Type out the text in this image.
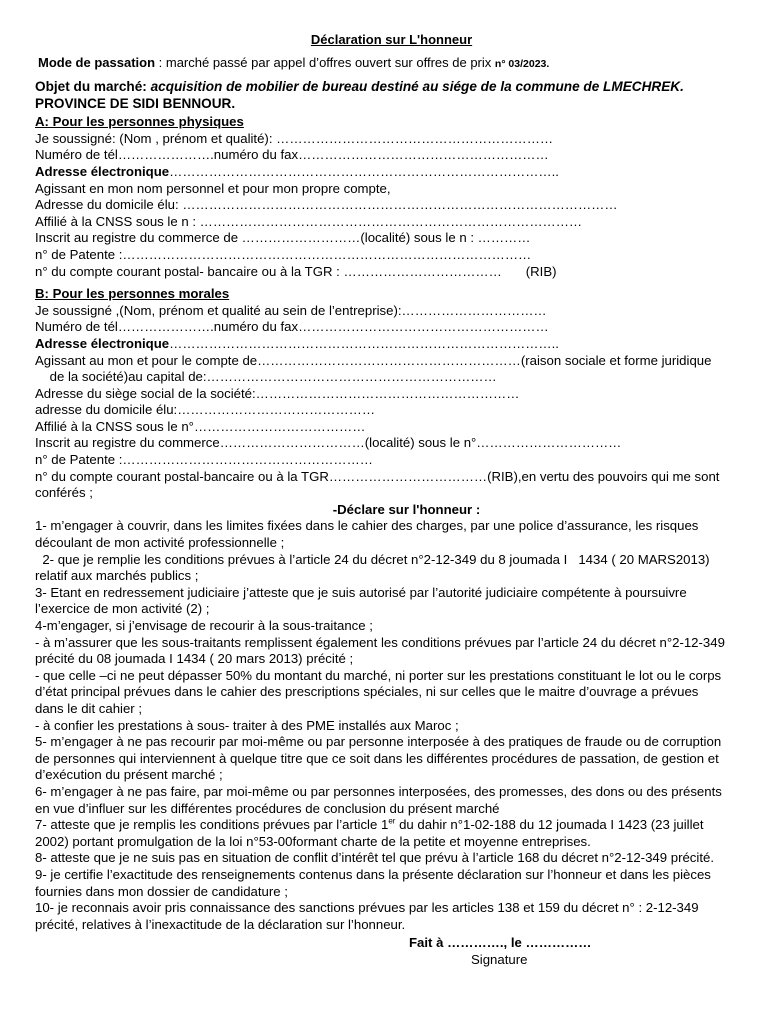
Déclaration sur L'honneur
Mode de passation : marché passé par appel d’offres ouvert sur offres de prix n° 03/2023.
Objet du marché: acquisition de mobilier de bureau destiné au siége de la commune de LMECHREK.
PROVINCE DE SIDI BENNOUR.
A: Pour les personnes physiques
Je soussigné: (Nom , prénom et qualité): ………………………………………………………
Numéro de tél………………….numéro du fax…………………………………………………
Adresse électronique……………………………………………………………………………..
Agissant en mon nom personnel et pour mon propre compte,
Adresse du domicile élu: ………………………………………………………………………………………
Affilié à la CNSS sous le n : ……………………………………………………………………………
Inscrit au registre du commerce de ………………………(localité) sous le n : …………
n° de Patente :…………………………………………………………………………………
n° du compte courant postal- bancaire ou à la TGR : ……………………………… (RIB)
B: Pour les personnes morales
Je soussigné ,(Nom, prénom et qualité au sein de l’entreprise):……………………………
Numéro de tél………………….numéro du fax…………………………………………………
Adresse électronique……………………………………………………………………………..
Agissant au mon et pour le compte de……………………………………………………(raison sociale et forme juridique
de la société)au capital de:…………………………………………………………
Adresse du siège social de la société:……………………………………………………
adresse du domicile élu:………………………………………
Affilié à la CNSS sous le n°…………………………………
Inscrit au registre du commerce……………………………(localité) sous le n°……………………………
n° de Patente :…………………………………………………
n° du compte courant postal-bancaire ou à la TGR………………………………(RIB),en vertu des pouvoirs qui me sont
conférés ;
-Déclare sur l'honneur :
1- m’engager à couvrir, dans les limites fixées dans le cahier des charges, par une police d’assurance, les risques
découlant de mon activité professionnelle ;
2- que je remplie les conditions prévues à l’article 24 du décret n°2-12-349 du 8 joumada I   1434 ( 20 MARS2013)
relatif aux marchés publics ;
3- Etant en redressement judiciaire j’atteste que je suis autorisé par l’autorité judiciaire compétente à poursuivre
l’exercice de mon activité (2) ;
4-m’engager, si j’envisage de recourir à la sous-traitance ;
- à m’assurer que les sous-traitants remplissent également les conditions prévues par l’article 24 du décret n°2-12-349
précité du 08 joumada I 1434 ( 20 mars 2013) précité ;
- que celle –ci ne peut dépasser 50% du montant du marché, ni porter sur les prestations constituant le lot ou le corps
d’état principal prévues dans le cahier des prescriptions spéciales, ni sur celles que le maitre d’ouvrage a prévues
dans le dit cahier ;
- à confier les prestations à sous- traiter à des PME installés aux Maroc ;
5- m’engager à ne pas recourir par moi-même ou par personne interposée à des pratiques de fraude ou de corruption
de personnes qui interviennent à quelque titre que ce soit dans les différentes procédures de passation, de gestion et
d’exécution du présent marché ;
6- m’engager à ne pas faire, par moi-même ou par personnes interposées, des promesses, des dons ou des présents
en vue d’influer sur les différentes procédures de conclusion du présent marché
7- atteste que je remplis les conditions prévues par l’article 1er du dahir n°1-02-188 du 12 joumada I 1423 (23 juillet
2002) portant promulgation de la loi n°53-00formant charte de la petite et moyenne entreprises.
8- atteste que je ne suis pas en situation de conflit d’intérêt tel que prévu à l’article 168 du décret n°2-12-349 précité.
9- je certifie l’exactitude des renseignements contenus dans la présente déclaration sur l’honneur et dans les pièces
fournies dans mon dossier de candidature ;
10- je reconnais avoir pris connaissance des sanctions prévues par les articles 138 et 159 du décret n° : 2-12-349
précité, relatives à l’inexactitude de la déclaration sur l’honneur.
Fait à …………., le ……………
Signature
